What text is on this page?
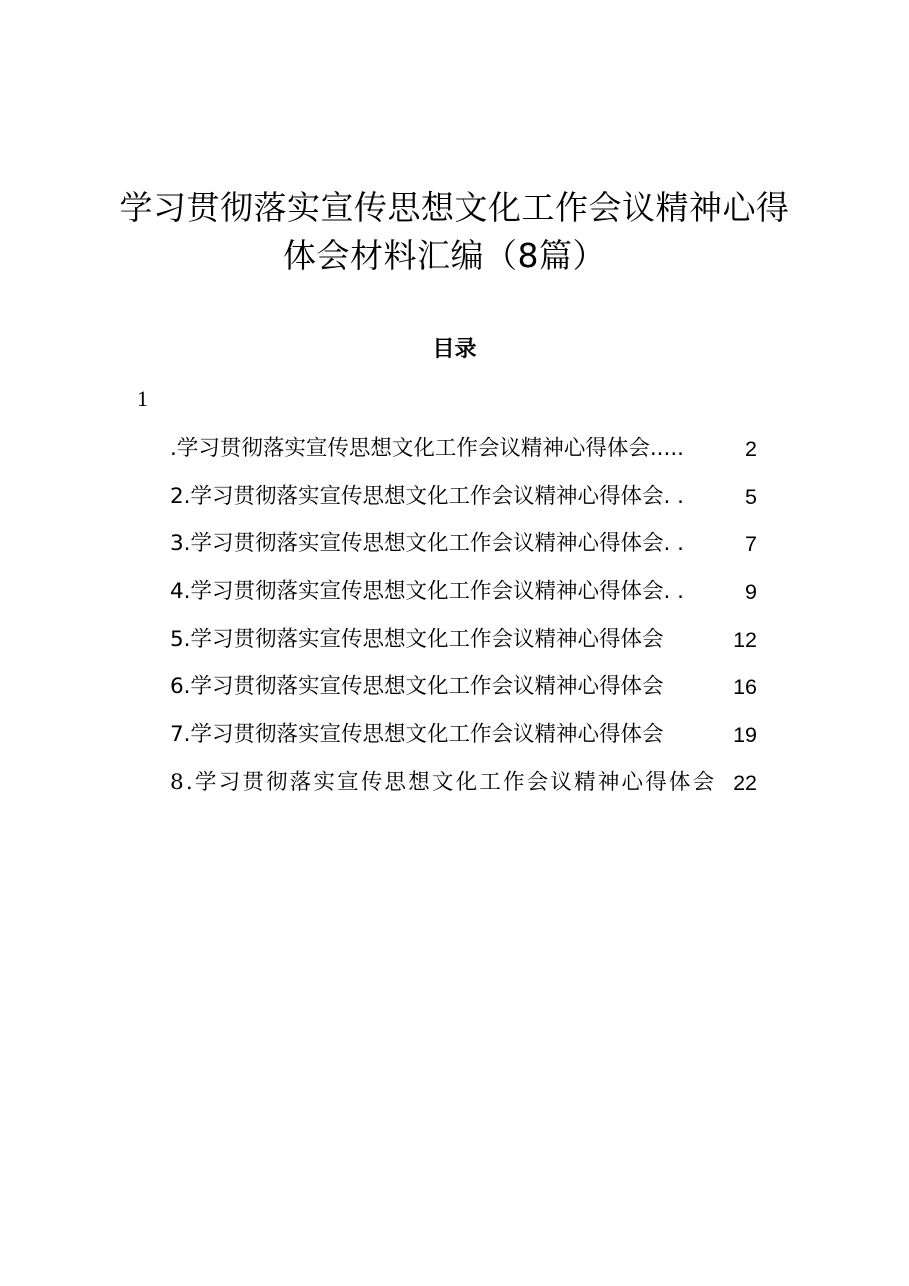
学习贯彻落实宣传思想文化工作会议精神心得
体会材料汇编（8篇）
目录
1
.学习贯彻落实宣传思想文化工作会议精神心得体会.....	2
2.学习贯彻落实宣传思想文化工作会议精神心得体会. .	5
3.学习贯彻落实宣传思想文化工作会议精神心得体会. .	7
4.学习贯彻落实宣传思想文化工作会议精神心得体会. .	9
5.学习贯彻落实宣传思想文化工作会议精神心得体会	12
6.学习贯彻落实宣传思想文化工作会议精神心得体会	16
7.学习贯彻落实宣传思想文化工作会议精神心得体会	19
8.学习贯彻落实宣传思想文化工作会议精神心得体会 22
